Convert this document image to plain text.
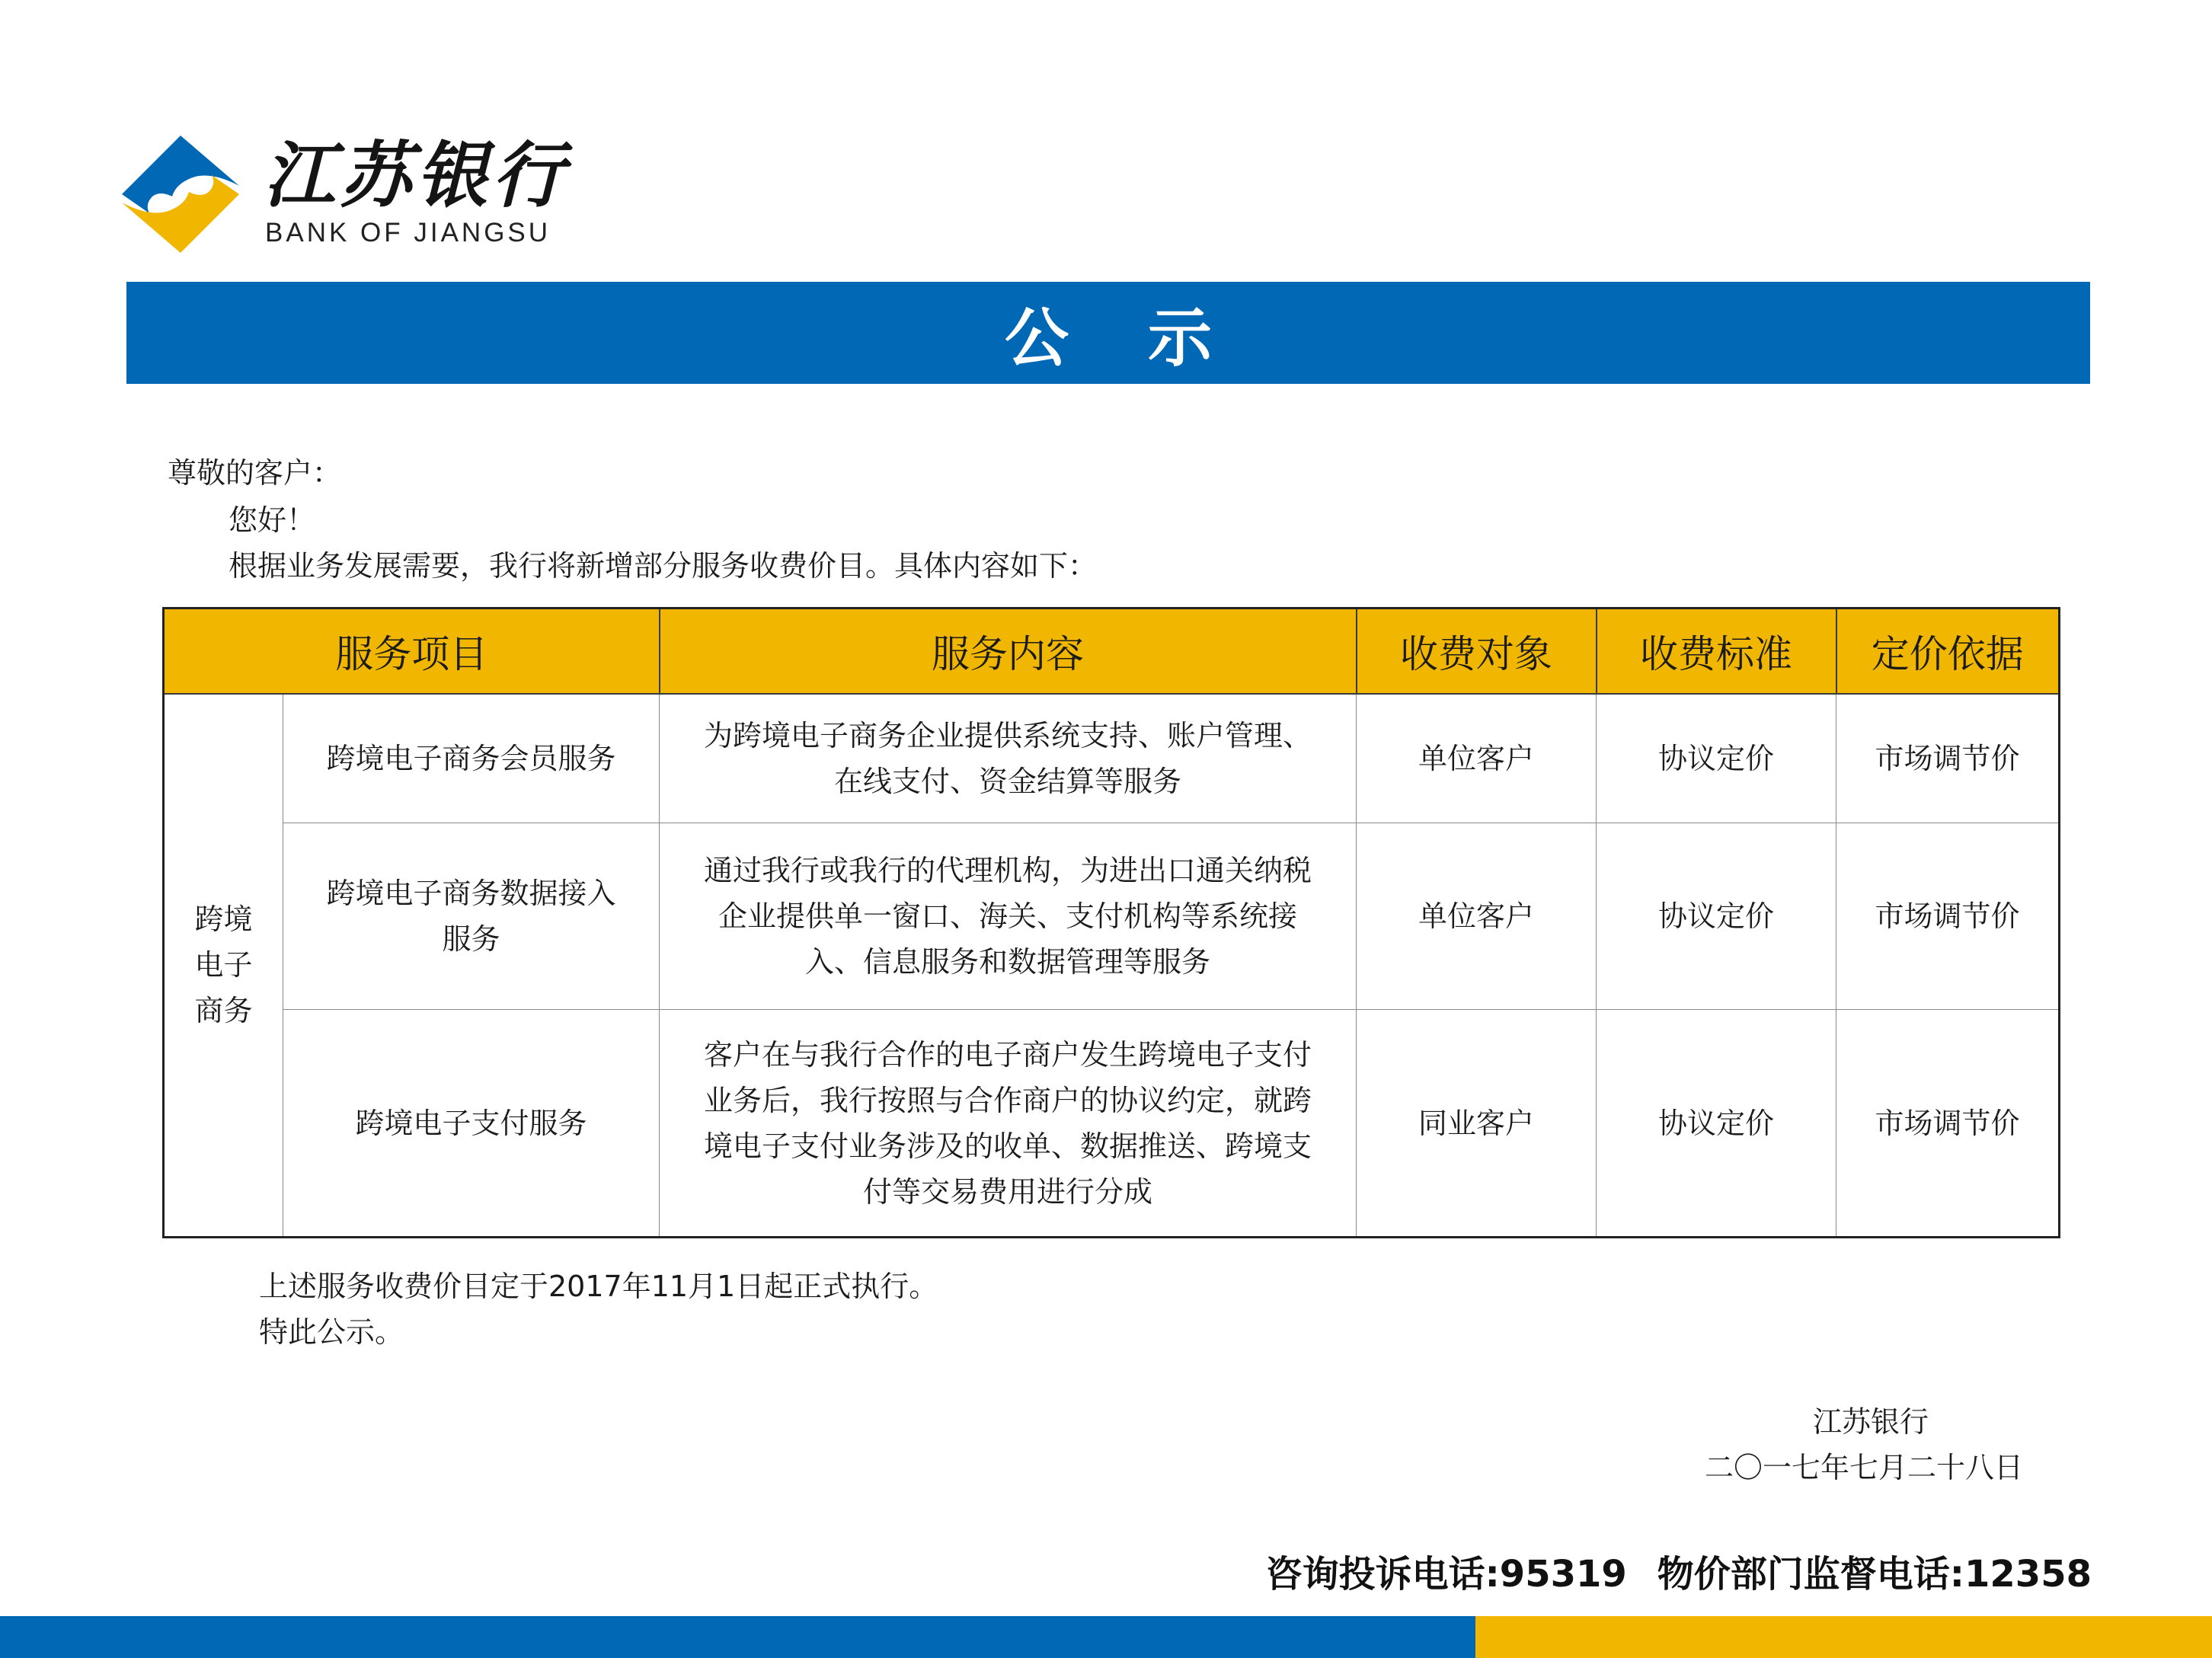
江苏银行
BANK OF JIANGSU
公示
尊敬的客户：
您好！
根据业务发展需要，我行将新增部分服务收费价目。具体内容如下：
服务项目		服务内容	收费对象	收费标准	定价依据

跨境电子商务	跨境电子商务会员服务	为跨境电子商务企业提供系统支持、账户管理、在线支付、资金结算等服务	单位客户	协议定价	市场调节价

	跨境电子商务数据接入服务	通过我行或我行的代理机构，为进出口通关纳税企业提供单一窗口、海关、支付机构等系统接入、信息服务和数据管理等服务	单位客户	协议定价	市场调节价
	跨境电子支付服务	客户在与我行合作的电子商户发生跨境电子支付业务后，我行按照与合作商户的协议约定，就跨境电子支付业务涉及的收单、数据推送、跨境支付等交易费用进行分成	同业客户	协议定价	市场调节价
上述服务收费价目定于2017年11月1日起正式执行。
特此公示。
江苏银行
二〇一七年七月二十八日
咨询投诉电话:95319 物价部门监督电话:12358
